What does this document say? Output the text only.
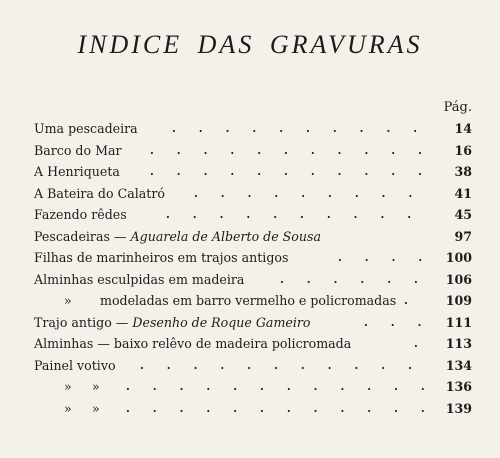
INDICE DAS GRAVURAS
Pág.
Uma pescadeira	.      .      .      .      .      .      .      .      .      .	14
Barco do Mar	.      .      .      .      .      .      .      .      .      .      .	16
A Henriqueta	.      .      .      .      .      .      .      .      .      .      .	38
A Bateira do Calatró	.      .      .      .      .      .      .      .      .	41
Fazendo rêdes	.      .      .      .      .      .      .      .      .      .	45
Pescadeiras — Aguarela de Alberto de Sousa	97
Filhas de marinheiros em trajos antigos	.      .      .      . 100
Alminhas esculpidas em madeira	.      .      .      .      .      . 106
» modeladas em barro vermelho e policromadas .	109
Trajo antigo — Desenho de Roque Gameiro	.      .      . 111
Alminhas — baixo relêvo de madeira policromada	. 113
Painel votivo .      .      .      .      .      .      .      .      .      .      .	134
» » .      .      .      .      .      .      .      .      .      .      .      . 136
» » .      .      .      .      .      .      .      .      .      .      .      . 139
